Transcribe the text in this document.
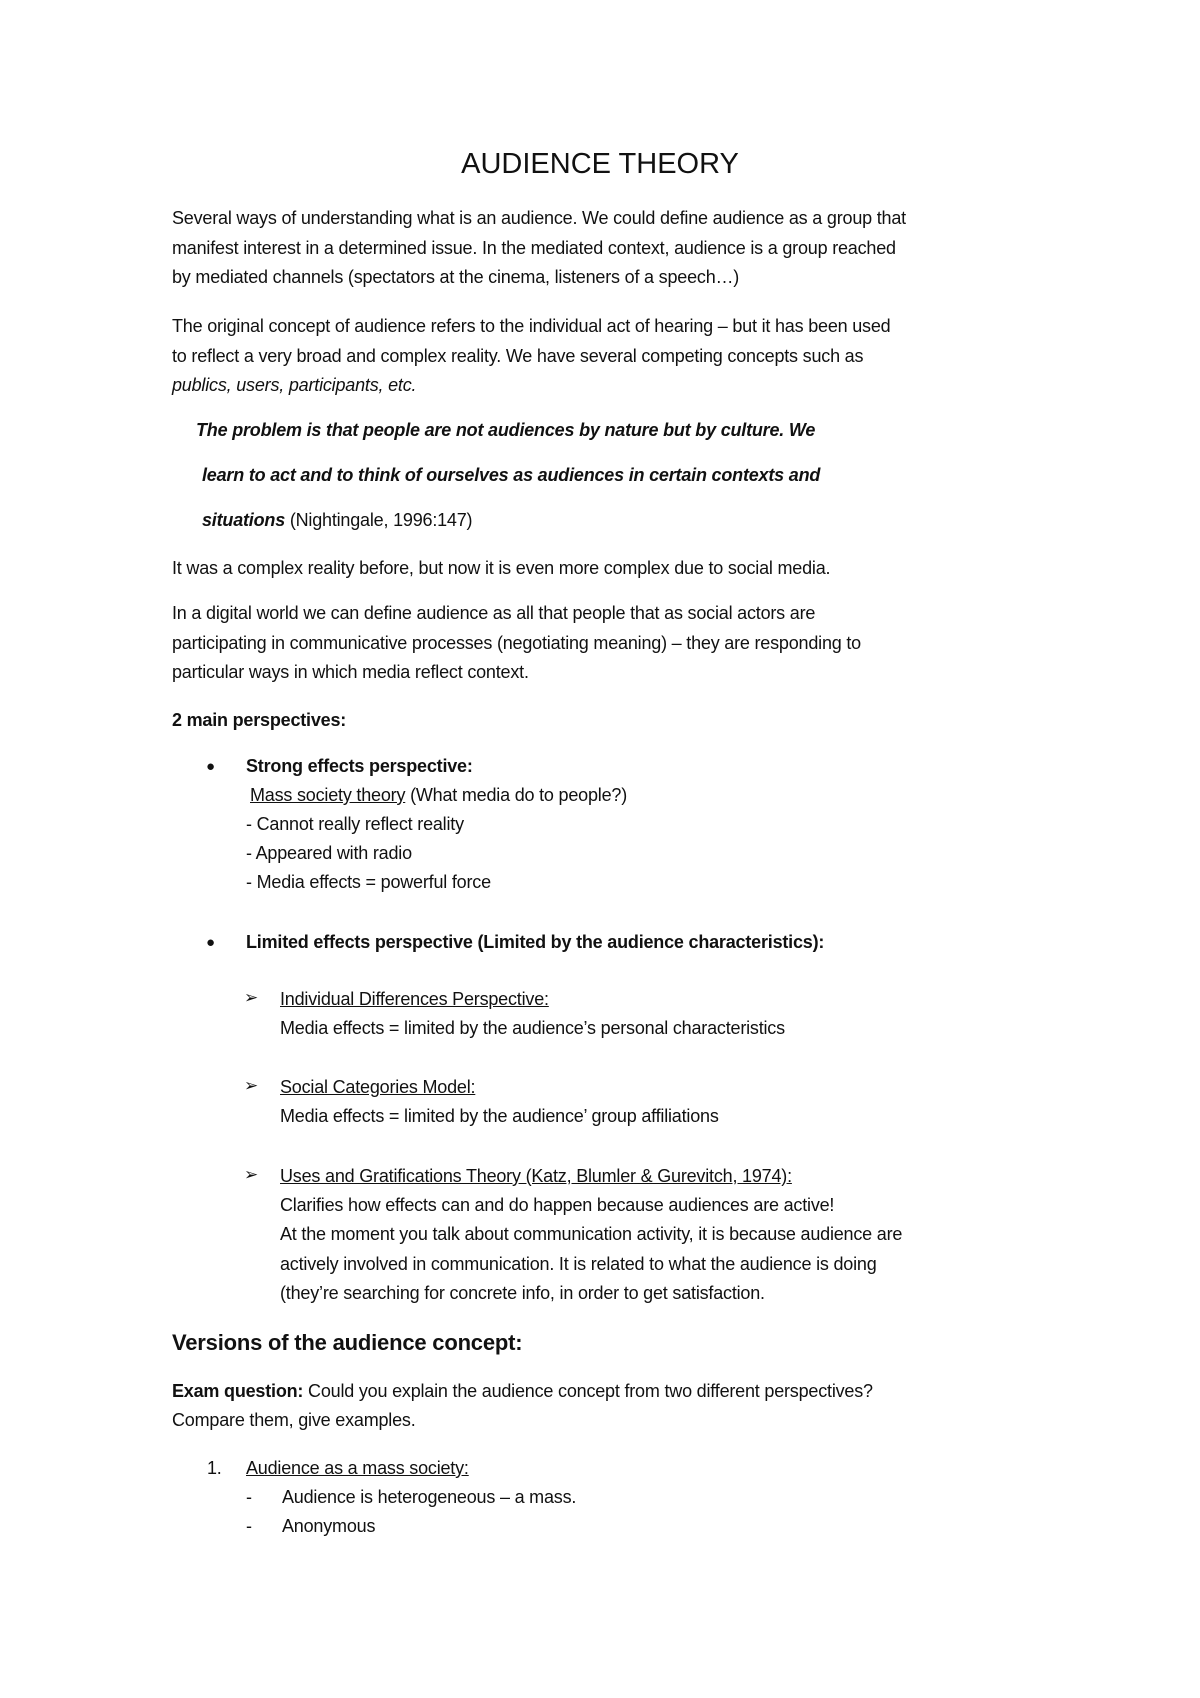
AUDIENCE THEORY

Several ways of understanding what is an audience. We could define audience as a group that

manifest interest in a determined issue. In the mediated context, audience is a group reached

by mediated channels (spectators at the cinema, listeners of a speech…)

The original concept of audience refers to the individual act of hearing – but it has been used

to reflect a very broad and complex reality. We have several competing concepts such as

publics, users, participants, etc.

The problem is that people are not audiences by nature but by culture. We

learn to act and to think of ourselves as audiences in certain contexts and

situations (Nightingale, 1996:147)

It was a complex reality before, but now it is even more complex due to social media.

In a digital world we can define audience as all that people that as social actors are

participating in communicative processes (negotiating meaning) – they are responding to

particular ways in which media reflect context.

2 main perspectives:

● Strong effects perspective:

Mass society theory (What media do to people?)

- Cannot really reflect reality

- Appeared with radio

- Media effects = powerful force

● Limited effects perspective (Limited by the audience characteristics):

➢ Individual Differences Perspective:

Media effects = limited by the audience’s personal characteristics

➢ Social Categories Model:

Media effects = limited by the audience’ group affiliations

➢ Uses and Gratifications Theory (Katz, Blumler & Gurevitch, 1974):

Clarifies how effects can and do happen because audiences are active!

At the moment you talk about communication activity, it is because audience are

actively involved in communication. It is related to what the audience is doing

(they’re searching for concrete info, in order to get satisfaction.

Versions of the audience concept:

Exam question: Could you explain the audience concept from two different perspectives?

Compare them, give examples.

1. Audience as a mass society:

- Audience is heterogeneous – a mass.

- Anonymous
